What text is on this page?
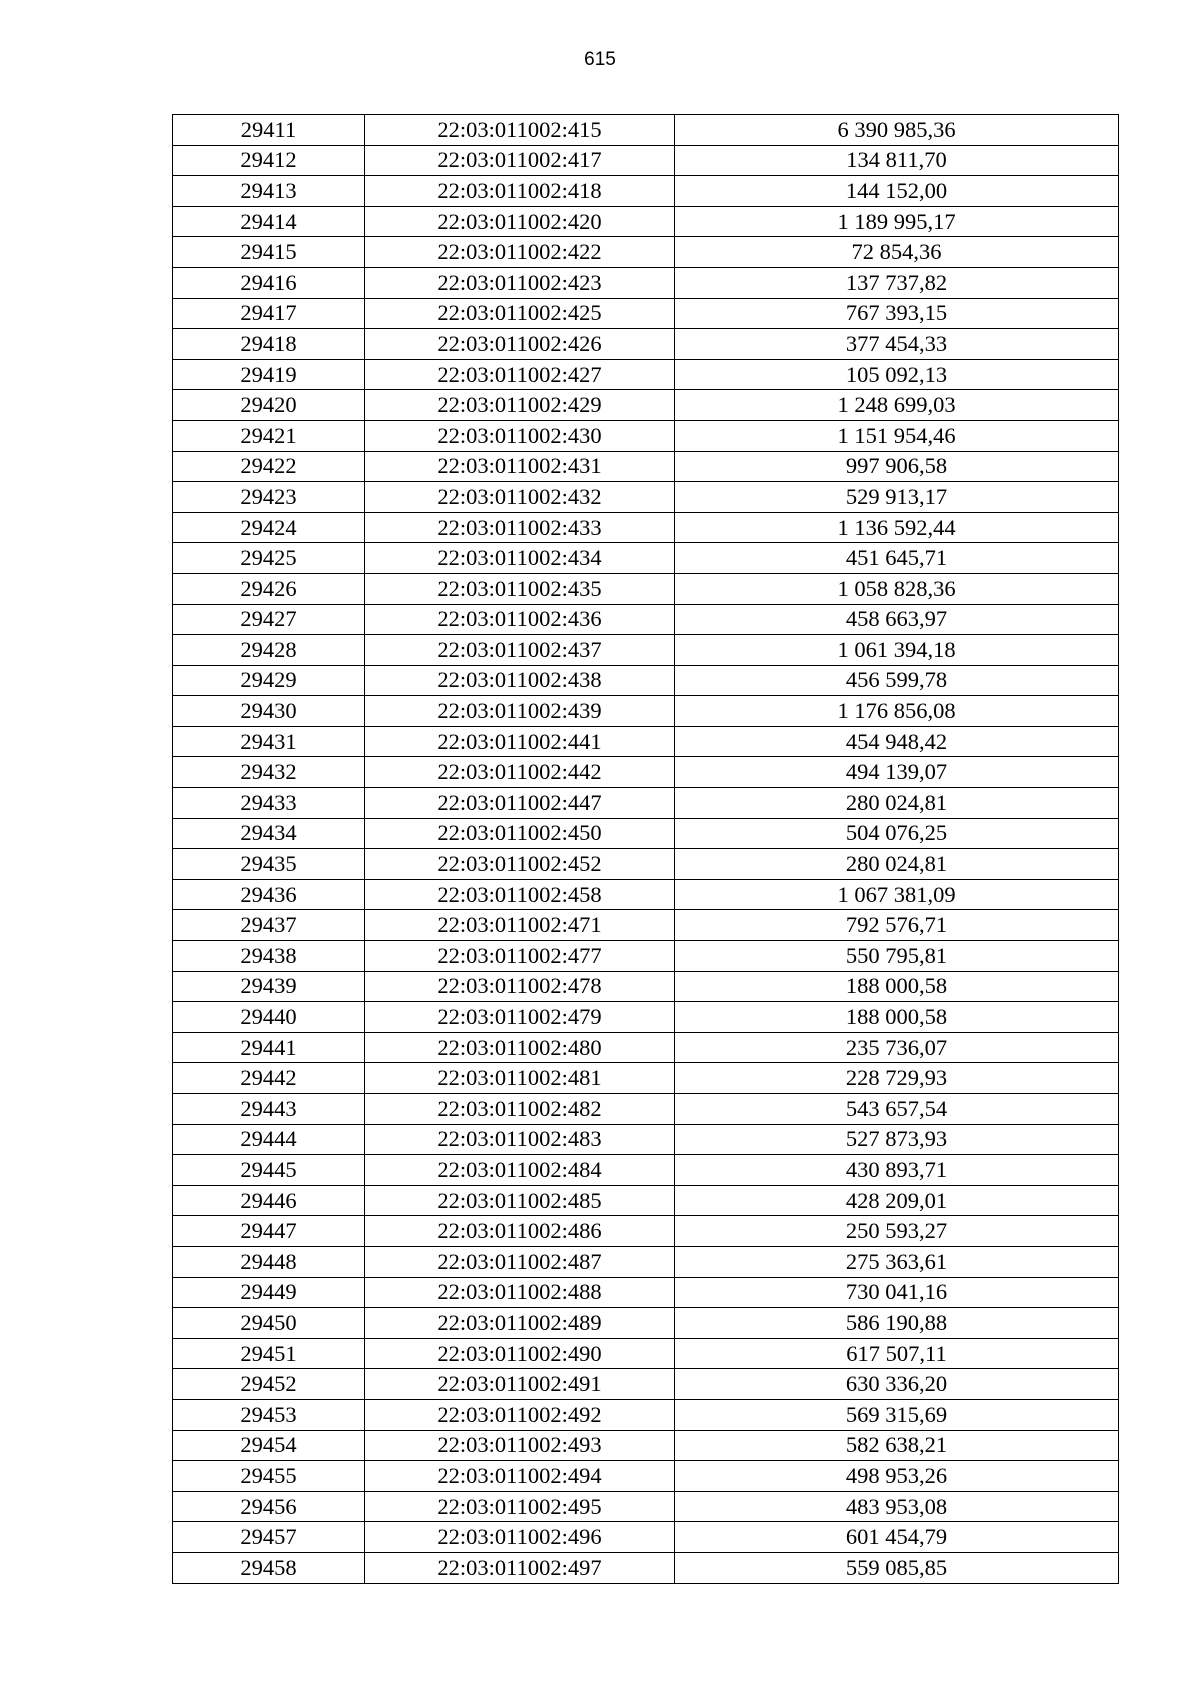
615
29411	22:03:011002:415	6 390 985,36
29412	22:03:011002:417	134 811,70
29413	22:03:011002:418	144 152,00
29414	22:03:011002:420	1 189 995,17
29415	22:03:011002:422	72 854,36
29416	22:03:011002:423	137 737,82
29417	22:03:011002:425	767 393,15
29418	22:03:011002:426	377 454,33
29419	22:03:011002:427	105 092,13
29420	22:03:011002:429	1 248 699,03
29421	22:03:011002:430	1 151 954,46
29422	22:03:011002:431	997 906,58
29423	22:03:011002:432	529 913,17
29424	22:03:011002:433	1 136 592,44
29425	22:03:011002:434	451 645,71
29426	22:03:011002:435	1 058 828,36
29427	22:03:011002:436	458 663,97
29428	22:03:011002:437	1 061 394,18
29429	22:03:011002:438	456 599,78
29430	22:03:011002:439	1 176 856,08
29431	22:03:011002:441	454 948,42
29432	22:03:011002:442	494 139,07
29433	22:03:011002:447	280 024,81
29434	22:03:011002:450	504 076,25
29435	22:03:011002:452	280 024,81
29436	22:03:011002:458	1 067 381,09
29437	22:03:011002:471	792 576,71
29438	22:03:011002:477	550 795,81
29439	22:03:011002:478	188 000,58
29440	22:03:011002:479	188 000,58
29441	22:03:011002:480	235 736,07
29442	22:03:011002:481	228 729,93
29443	22:03:011002:482	543 657,54
29444	22:03:011002:483	527 873,93
29445	22:03:011002:484	430 893,71
29446	22:03:011002:485	428 209,01
29447	22:03:011002:486	250 593,27
29448	22:03:011002:487	275 363,61
29449	22:03:011002:488	730 041,16
29450	22:03:011002:489	586 190,88
29451	22:03:011002:490	617 507,11
29452	22:03:011002:491	630 336,20
29453	22:03:011002:492	569 315,69
29454	22:03:011002:493	582 638,21
29455	22:03:011002:494	498 953,26
29456	22:03:011002:495	483 953,08
29457	22:03:011002:496	601 454,79
29458	22:03:011002:497	559 085,85
